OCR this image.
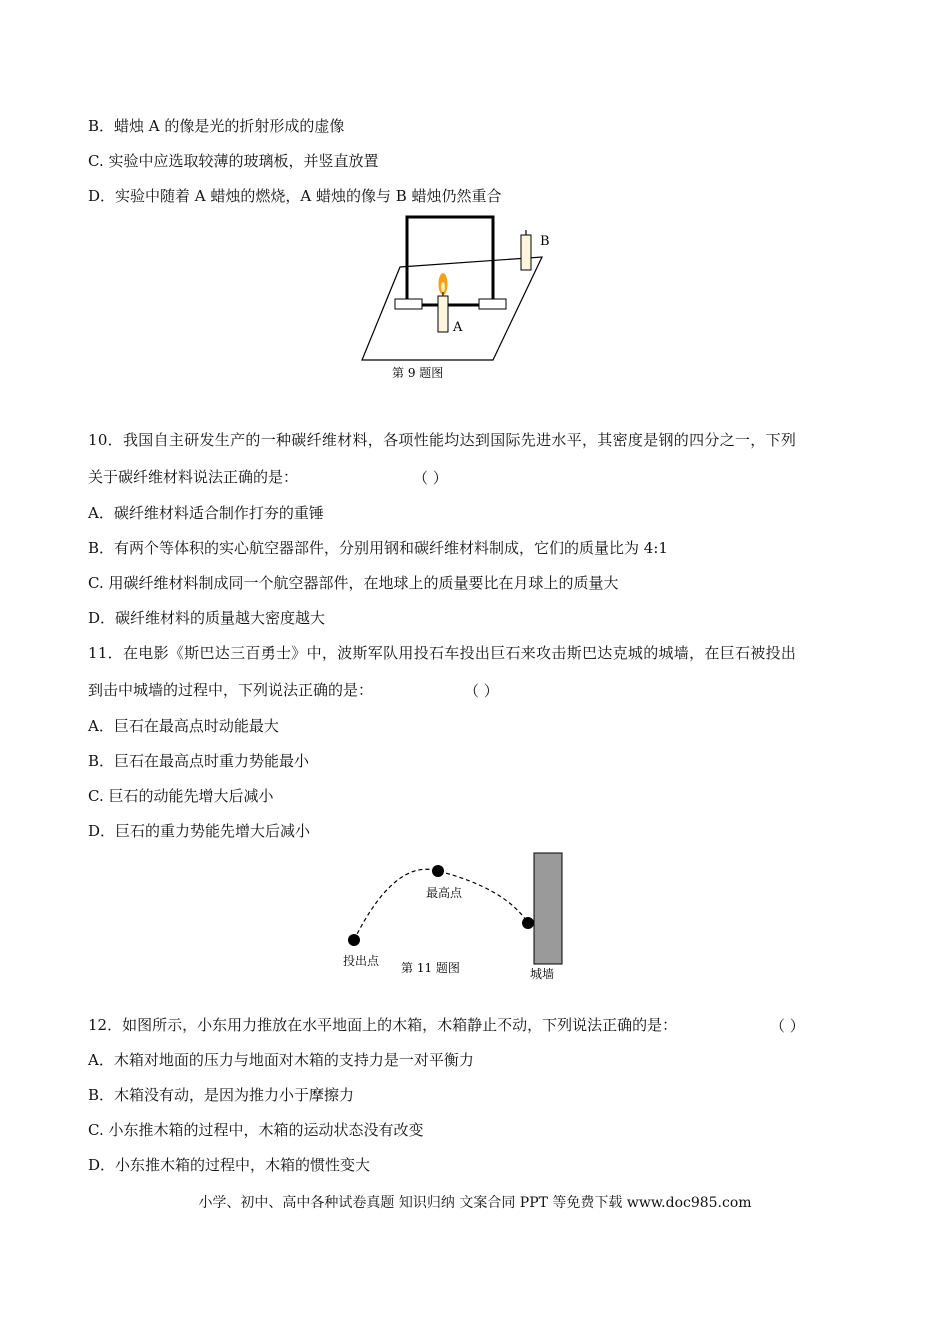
B．蜡烛 A 的像是光的折射形成的虚像
C. 实验中应选取较薄的玻璃板，并竖直放置
D．实验中随着 A 蜡烛的燃烧，A 蜡烛的像与 B 蜡烛仍然重合
B
A
第 9 题图
10．我国自主研发生产的一种碳纤维材料，各项性能均达到国际先进水平，其密度是钢的四分之一，下列
关于碳纤维材料说法正确的是：	（ ）
A．碳纤维材料适合制作打夯的重锤
B．有两个等体积的实心航空器部件，分别用钢和碳纤维材料制成，它们的质量比为 4:1
C. 用碳纤维材料制成同一个航空器部件，在地球上的质量要比在月球上的质量大
D．碳纤维材料的质量越大密度越大
11．在电影《斯巴达三百勇士》中，波斯军队用投石车投出巨石来攻击斯巴达克城的城墙，在巨石被投出
到击中城墙的过程中，下列说法正确的是：	（ ）
A．巨石在最高点时动能最大
B．巨石在最高点时重力势能最小
C. 巨石的动能先增大后减小
D．巨石的重力势能先增大后减小
最高点
投出点 第 11 题图	城墙
12．如图所示，小东用力推放在水平地面上的木箱，木箱静止不动，下列说法正确的是：	（ ）
A．木箱对地面的压力与地面对木箱的支持力是一对平衡力
B．木箱没有动，是因为推力小于摩擦力
C. 小东推木箱的过程中，木箱的运动状态没有改变
D．小东推木箱的过程中，木箱的惯性变大
小学、初中、高中各种试卷真题 知识归纳 文案合同 PPT 等免费下载 www.doc985.com
